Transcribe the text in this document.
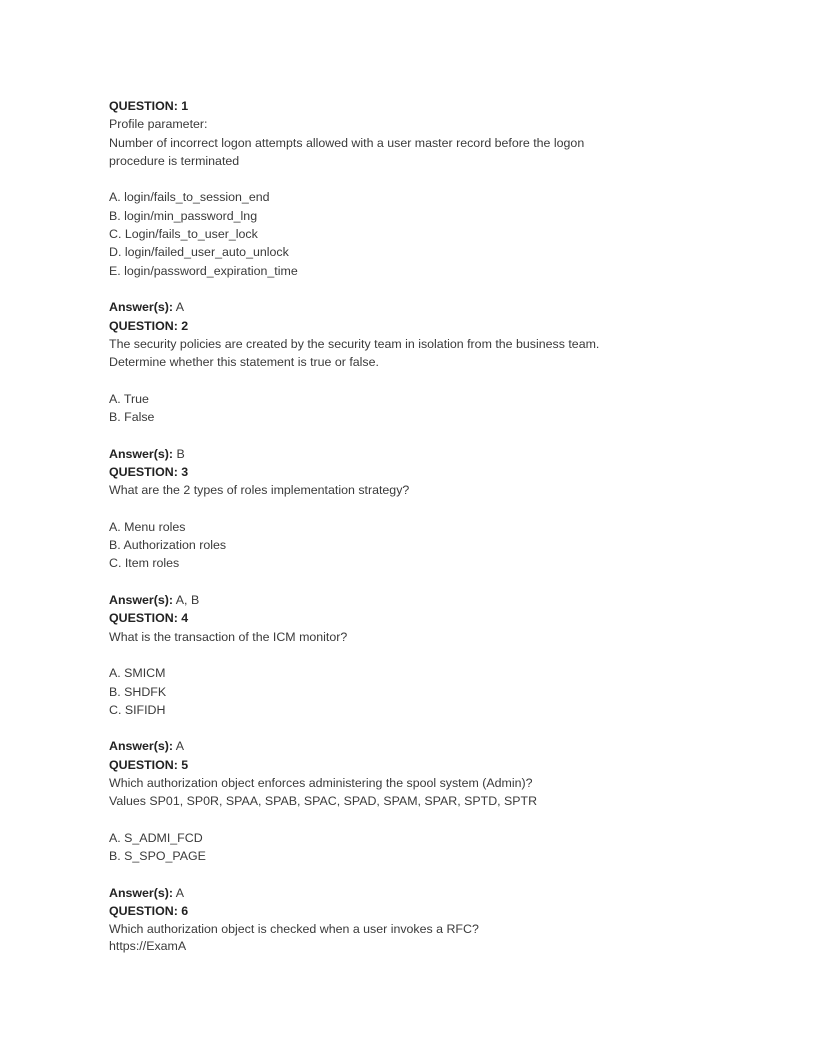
QUESTION: 1
Profile parameter:
Number of incorrect logon attempts allowed with a user master record before the logon
procedure is terminated
A. login/fails_to_session_end
B. login/min_password_lng
C. Login/fails_to_user_lock
D. login/failed_user_auto_unlock
E. login/password_expiration_time
Answer(s): A
QUESTION: 2
The security policies are created by the security team in isolation from the business team.
Determine whether this statement is true or false.
A. True
B. False
Answer(s): B
QUESTION: 3
What are the 2 types of roles implementation strategy?
A. Menu roles
B. Authorization roles
C. Item roles
Answer(s): A, B
QUESTION: 4
What is the transaction of the ICM monitor?
A. SMICM
B. SHDFK
C. SIFIDH
Answer(s): A
QUESTION: 5
Which authorization object enforces administering the spool system (Admin)?
Values SP01, SP0R, SPAA, SPAB, SPAC, SPAD, SPAM, SPAR, SPTD, SPTR
A. S_ADMI_FCD
B. S_SPO_PAGE
Answer(s): A
QUESTION: 6
Which authorization object is checked when a user invokes a RFC?
https://ExamA
